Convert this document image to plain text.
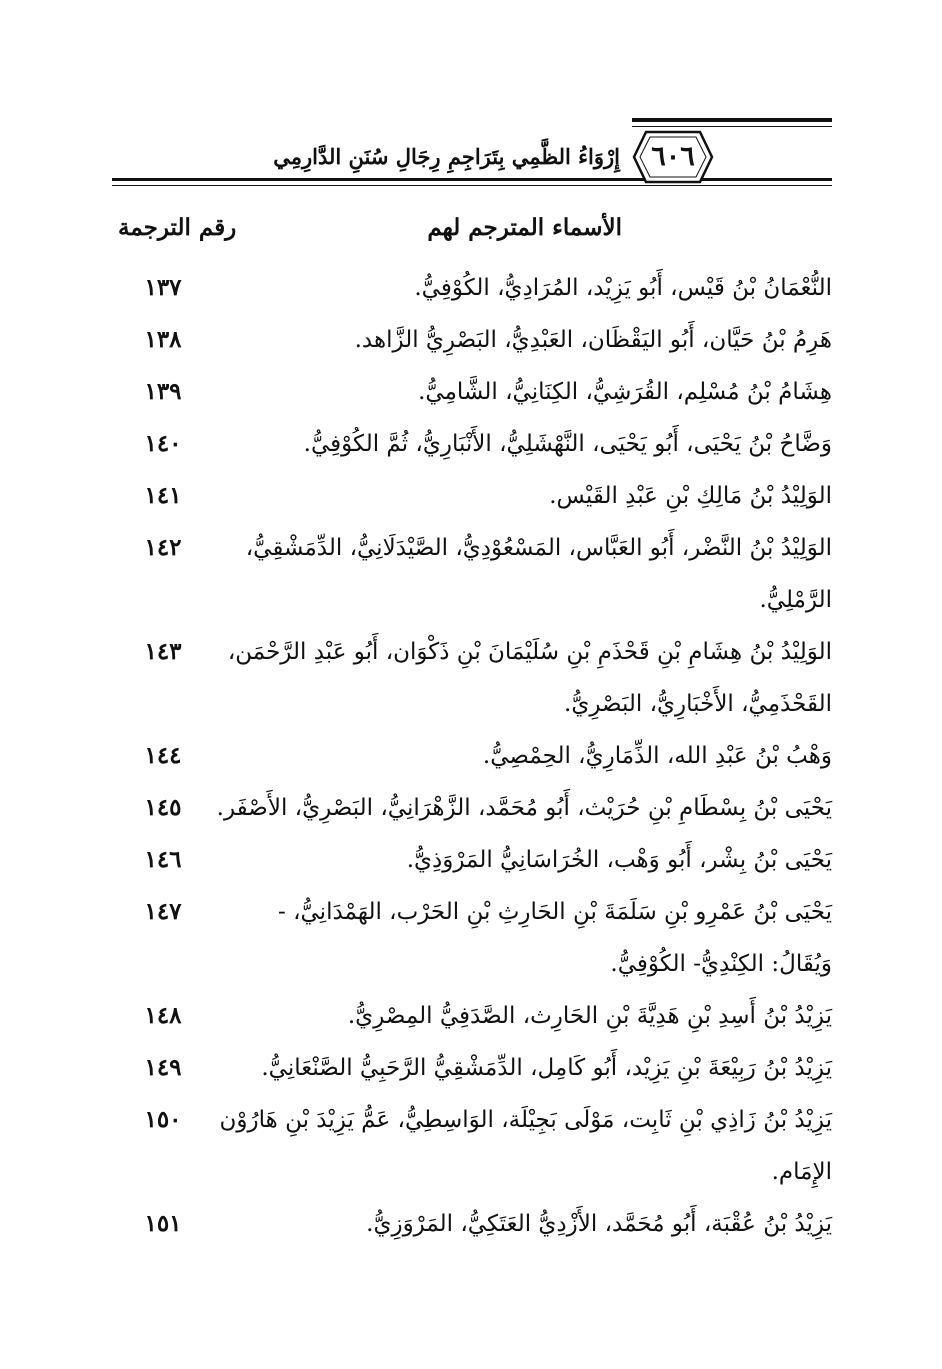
٦٠٦
إِرْوَاءُ الظَّمِي بِتَرَاجِمِ رِجَالِ سُنَنِ الدَّارِمِي
الأسماء المترجم لهم
رقم الترجمة
١٣٧	النُّعْمَانُ بْنُ قَيْس، أَبُو يَزِيْد، المُرَادِيُّ، الكُوْفِيُّ.
١٣٨	هَرِمُ بْنُ حَيَّان، أَبُو اليَقْظَان، العَبْدِيُّ، البَصْرِيُّ الزَّاهد.
١٣٩	هِشَامُ بْنُ مُسْلِم، القُرَشِيُّ، الكِنَانِيُّ، الشَّامِيُّ.
١٤٠	وَضَّاحُ بْنُ يَحْيَى، أَبُو يَحْيَى، النَّهْشَلِيُّ، الأَنْبَارِيُّ، ثُمَّ الكُوْفِيُّ.
١٤١	الوَلِيْدُ بْنُ مَالِكِ بْنِ عَبْدِ القَيْس.
١٤٢	الوَلِيْدُ بْنُ النَّضْر، أَبُو العَبَّاس، المَسْعُوْدِيُّ، الصَّيْدَلَانِيُّ، الدِّمَشْقِيُّ، الرَّمْلِيُّ.
١٤٣	الوَلِيْدُ بْنُ هِشَامِ بْنِ قَحْذَمِ بْنِ سُلَيْمَانَ بْنِ ذَكْوَان، أَبُو عَبْدِ الرَّحْمَن، القَحْذَمِيُّ، الأَخْبَارِيُّ، البَصْرِيُّ.
١٤٤	وَهْبُ بْنُ عَبْدِ الله، الذِّمَارِيُّ، الحِمْصِيُّ.
١٤٥	يَحْيَى بْنُ بِسْطَامِ بْنِ حُرَيْث، أَبُو مُحَمَّد، الزَّهْرَانِيُّ، البَصْرِيُّ، الأَصْفَر.
١٤٦	يَحْيَى بْنُ بِشْر، أَبُو وَهْب، الخُرَاسَانِيُّ المَرْوَذِيُّ.
١٤٧	يَحْيَى بْنُ عَمْرِو بْنِ سَلَمَةَ بْنِ الحَارِثِ بْنِ الحَرْب، الهَمْدَانِيُّ، - وَيُقَالُ: الكِنْدِيُّ- الكُوْفِيُّ.
١٤٨	يَزِيْدُ بْنُ أَسِدِ بْنِ هَدِيَّةَ بْنِ الحَارِث، الصَّدَفِيُّ المِصْرِيُّ.
١٤٩	يَزِيْدُ بْنُ رَبِيْعَةَ بْنِ يَزِيْد، أَبُو كَامِل، الدِّمَشْقِيُّ الرَّحَبِيُّ الصَّنْعَانِيُّ.
١٥٠	يَزِيْدُ بْنُ زَاذِي بْنِ ثَابِت، مَوْلَى بَجِيْلَة، الوَاسِطِيُّ، عَمُّ يَزِيْدَ بْنِ هَارُوْن الإِمَام.
١٥١	يَزِيْدُ بْنُ عُقْبَة، أَبُو مُحَمَّد، الأَزْدِيُّ العَتَكِيُّ، المَرْوَزِيُّ.
